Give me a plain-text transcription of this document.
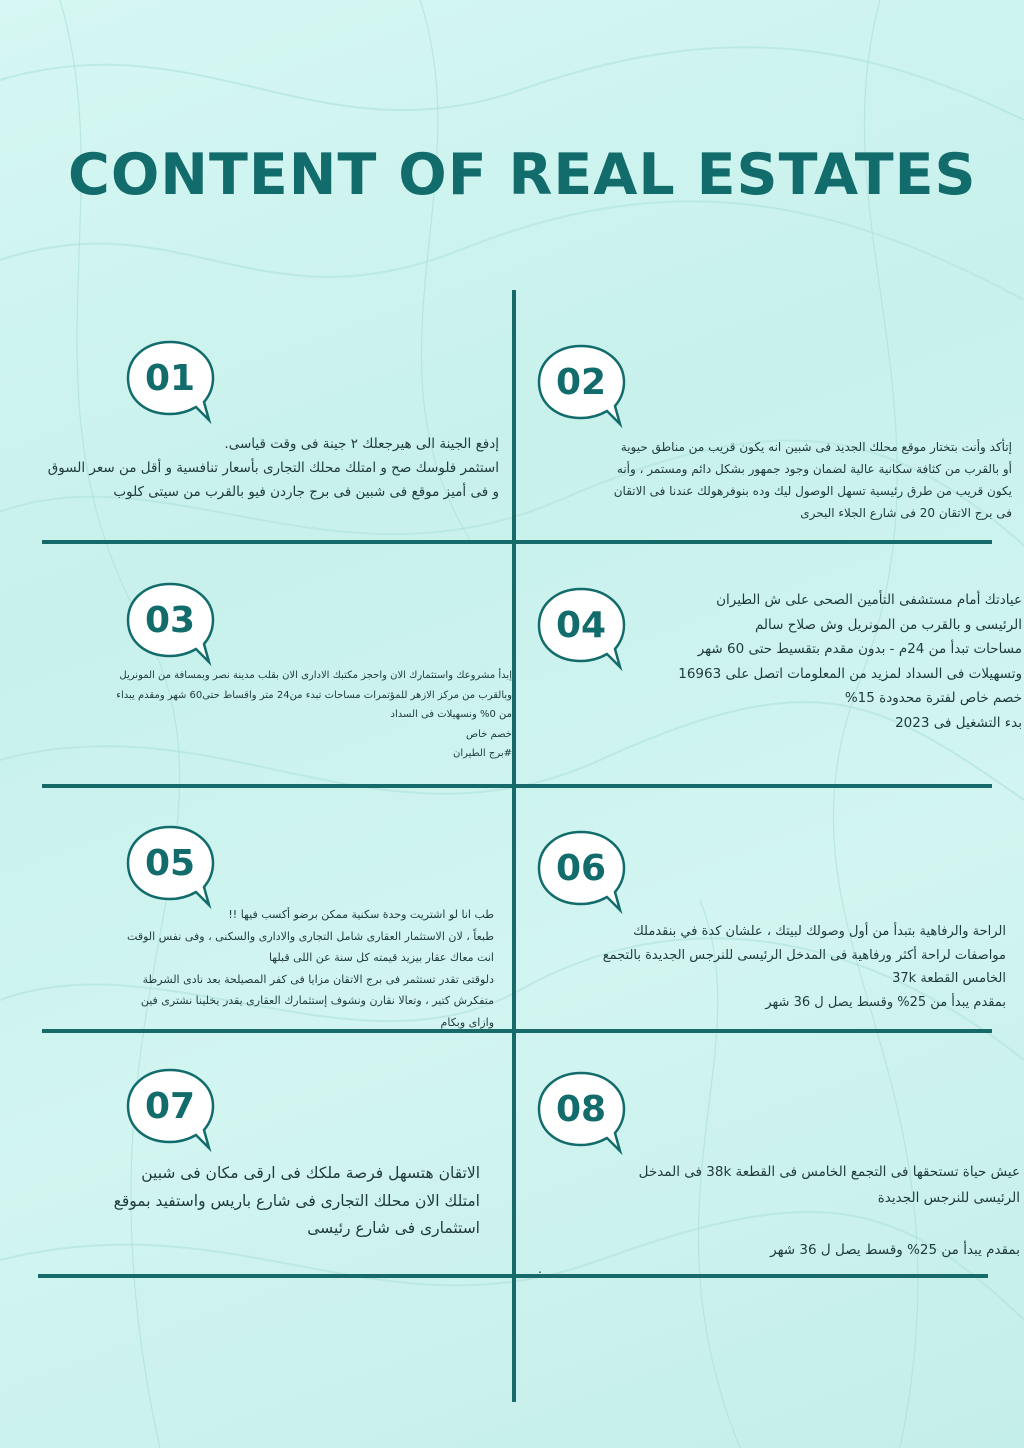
CONTENT OF REAL ESTATES
01
إدفع الجينة الى هيرجعلك ٢ جينة فى وقت قياسى.
استثمر فلوسك صح و امتلك محلك التجارى بأسعار تنافسية و أقل من سعر السوق
و فى أميز موقع فى شبين فى برج جاردن فيو بالقرب من سيتى كلوب
02
إتأكد وأنت بتختار موقع محلك الجديد فى شبين انه يكون قريب من مناطق حيوية
أو بالقرب من كثافة سكانية عالية لضمان وجود جمهور بشكل دائم ومستمر ، وأنه
يكون قريب من طرق رئيسية تسهل الوصول ليك وده بنوفرهولك عندنا فى الاتقان
فى برج الاتقان 20 فى شارع الجلاء البحرى
03
إبدأ مشروعك واستثمارك الان واحجز مكتبك الادارى الان بقلب مدينة نصر وبمسافة من المونريل
وبالقرب من مركز الازهر للمؤتمرات مساحات تبدء من24 متر واقساط حتى60 شهر ومقدم يبداء
من 0% ونسهيلات فى السداد
خصم خاص
#برج الطيران
04
عيادتك أمام مستشفى التأمين الصحى على ش الطيران
الرئيسى و بالقرب من المونريل وش صلاح سالم
مساحات تبدأ من 24م - بدون مقدم بتقسيط حتى 60 شهر
وتسهيلات فى السداد لمزيد من المعلومات اتصل على 16963
خصم خاص لفترة محدودة 15%
بدء التشغيل فى 2023
05
طب انا لو اشتريت وحدة سكنية ممكن برضو أكسب فيها !!
طبعاً ، لان الاستثمار العقارى شامل التجارى والادارى والسكنى ، وفى نفس الوقت
انت معاك عقار بيزيد قيمته كل سنة عن اللى قبلها
دلوقتى تقدر تستثمر فى برج الاتقان مزايا فى كفر المصيلحة بعد نادى الشرطة
متفكرش كتير ، وتعالا نقارن ونشوف إستثمارك العقارى يقدر يخلينا نشترى فين
وازاى وبكام
06
الراحة والرفاهية بتبدأ من أول وصولك لبيتك ، علشان كدة في بنقدملك
مواصفات لراحة أكثر ورفاهية فى المدخل الرئيسى للنرجس الجديدة بالتجمع
الخامس القطعة 37k
بمقدم يبدأ من 25% وقسط يصل ل 36 شهر
07
الاتقان هتسهل فرصة ملكك فى ارقى مكان فى شبين
امتلك الان محلك التجارى فى شارع باريس واستفيد بموقع
استثمارى فى شارع رئيسى
08
عيش حياة تستحقها فى التجمع الخامس فى القطعة 38k فى المدخل
الرئيسى للنرجس الجديدة
بمقدم يبدأ من 25% وقسط يصل ل 36 شهر
.
